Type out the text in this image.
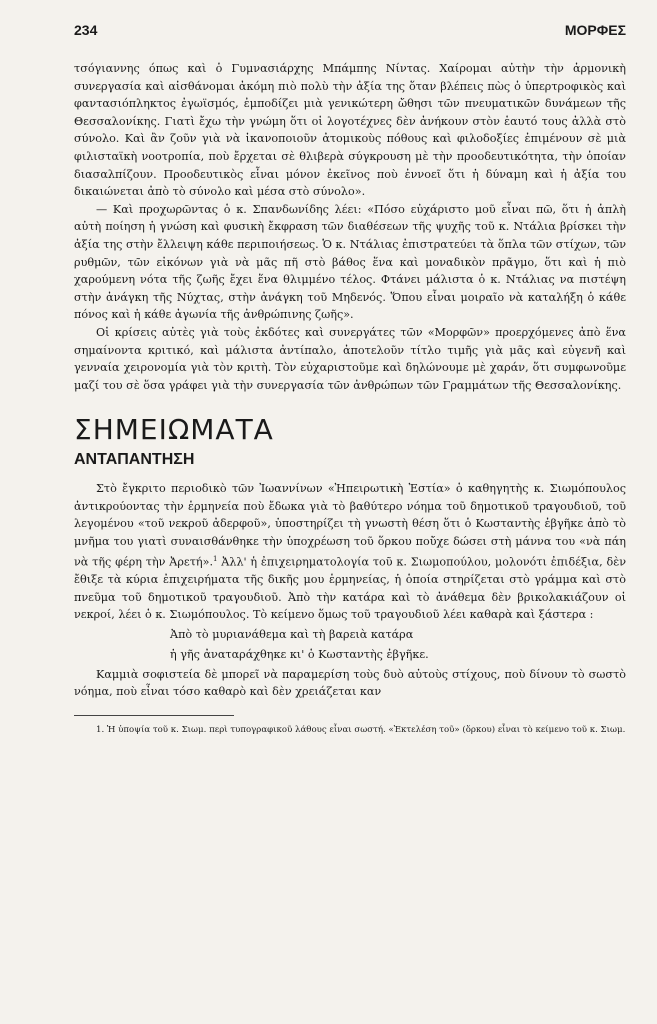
234	ΜΟΡΦΕΣ

τσόγιαννης όπως καὶ ὁ Γυμνασιάρχης Μπάμπης Νίντας. Χαίρομαι αὐτὴν τὴν ἁρμονικὴ συνεργασία καὶ αἰσθάνομαι ἀκόμη πιὸ πολὺ τὴν ἀξία της ὅταν βλέπεις πὼς ὁ ὑπερτροφικὸς καὶ φαντασιόπληκτος ἐγωϊσμός, ἐμποδίζει μιὰ γενικώτερη ὤθησι τῶν πνευματικῶν δυνάμεων τῆς Θεσσαλονίκης. Γιατὶ ἔχω τὴν γνώμη ὅτι οἱ λογοτέχνες δὲν ἀνήκουν στὸν ἑαυτό τους ἀλλὰ στὸ σύνολο. Καὶ ἂν ζοῦν γιὰ νὰ ἱκανοποιοῦν ἀτομικοὺς πόθους καὶ φιλοδοξίες ἐπιμένουν σὲ μιὰ φιλισταϊκὴ νοοτροπία, ποὺ ἔρχεται σὲ θλιβερὰ σύγκρουση μὲ τὴν προοδευτικότητα, τὴν ὁποίαν διασαλπίζουν. Προοδευτικὸς εἶναι μόνον ἐκεῖνος ποὺ ἐννοεῖ ὅτι ἡ δύναμη καὶ ἡ ἀξία του δικαιώνεται ἀπὸ τὸ σύνολο καὶ μέσα στὸ σύνολο».

— Καὶ προχωρῶντας ὁ κ. Σπανδωνίδης λέει: «Πόσο εὐχάριστο μοῦ εἶναι πῶ, ὅτι ἡ ἁπλὴ αὐτὴ ποίηση ἡ γνώση καὶ φυσικὴ ἔκφραση τῶν διαθέσεων τῆς ψυχῆς τοῦ κ. Ντάλια βρίσκει τὴν ἀξία της στὴν ἔλλειψη κάθε περιποιήσεως. Ὁ κ. Ντάλιας ἐπιστρατεύει τὰ ὅπλα τῶν στίχων, τῶν ρυθμῶν, τῶν εἰκόνων γιὰ νὰ μᾶς πῆ στὸ βάθος ἕνα καὶ μοναδικὸν πρᾶγμο, ὅτι καὶ ἡ πιὸ χαρούμενη νότα τῆς ζωῆς ἔχει ἕνα θλιμμένο τέλος. Φτάνει μάλιστα ὁ κ. Ντάλιας να πιστέψη στὴν ἀνάγκη τῆς Νύχτας, στὴν ἀνάγκη τοῦ Μηδενός. Ὅπου εἶναι μοιραῖο νὰ καταλήξη ὁ κάθε πόνος καὶ ἡ κάθε ἀγωνία τῆς ἀνθρώπινης ζωῆς».

Οἱ κρίσεις αὐτὲς γιὰ τοὺς ἐκδότες καὶ συνεργάτες τῶν «Μορφῶν» προερχόμενες ἀπὸ ἕνα σημαίνοντα κριτικό, καὶ μάλιστα ἀντίπαλο, ἀποτελοῦν τίτλο τιμῆς γιὰ μᾶς καὶ εὐγενῆ καὶ γενναία χειρονομία γιὰ τὸν κριτὴ. Τὸν εὐχαριστοῦμε καὶ δηλώνουμε μὲ χαράν, ὅτι συμφωνοῦμε μαζί του σὲ ὅσα γράφει γιὰ τὴν συνεργασία τῶν ἀνθρώπων τῶν Γραμμάτων τῆς Θεσσαλονίκης.

ΣΗΜΕΙΩΜΑΤΑ
ΑΝΤΑΠΑΝΤΗΣΗ

Στὸ ἔγκριτο περιοδικὸ τῶν Ἰωαννίνων «Ἠπειρωτικὴ Ἑστία» ὁ καθηγητὴς κ. Σιωμόπουλος ἀντικρούοντας τὴν ἑρμηνεία ποὺ ἔδωκα γιὰ τὸ βαθύτερο νόημα τοῦ δημοτικοῦ τραγουδιοῦ, τοῦ λεγομένου «τοῦ νεκροῦ ἀδερφοῦ», ὑποστηρίζει τὴ γνωστὴ θέση ὅτι ὁ Κωσταντὴς ἐβγῆκε ἀπὸ τὸ μνῆμα του γιατὶ συναισθάνθηκε τὴν ὑποχρέωση τοῦ ὅρκου ποὔχε δώσει στὴ μάννα του «νὰ πάη νὰ τῆς φέρη τὴν Ἀρετή».$^1$ Ἀλλ' ἡ ἐπιχειρηματολογία τοῦ κ. Σιωμοπούλου, μολονότι ἐπιδέξια, δὲν ἔθιξε τὰ κύρια ἐπιχειρήματα τῆς δικῆς μου ἑρμηνείας, ἡ ὁποία στηρίζεται στὸ γράμμα καὶ στὸ πνεῦμα τοῦ δημοτικοῦ τραγουδιοῦ. Ἀπὸ τὴν κατάρα καὶ τὸ ἀνάθεμα δὲν βρικολακιάζουν οἱ νεκροί, λέει ὁ κ. Σιωμόπουλος. Τὸ κείμενο ὅμως τοῦ τραγουδιοῦ λέει καθαρὰ καὶ ξάστερα :

Ἀπὸ τὸ μυριανάθεμα καὶ τὴ βαρειὰ κατάρα
ἡ γῆς ἀναταράχθηκε κι' ὁ Κωσταντὴς ἐβγῆκε.

Καμμιὰ σοφιστεία δὲ μπορεῖ νὰ παραμερίση τοὺς δυὸ αὐτοὺς στίχους, ποὺ δίνουν τὸ σωστὸ νόημα, ποὺ εἶναι τόσο καθαρὸ καὶ δὲν χρειάζεται καν

1. Ἡ ὑποψία τοῦ κ. Σιωμ. περὶ τυπογραφικοῦ λάθους εἶναι σωστή. «Ἐκτελέση τοῦ» (ὅρκου) εἶναι τὸ κείμενο τοῦ κ. Σιωμ.
